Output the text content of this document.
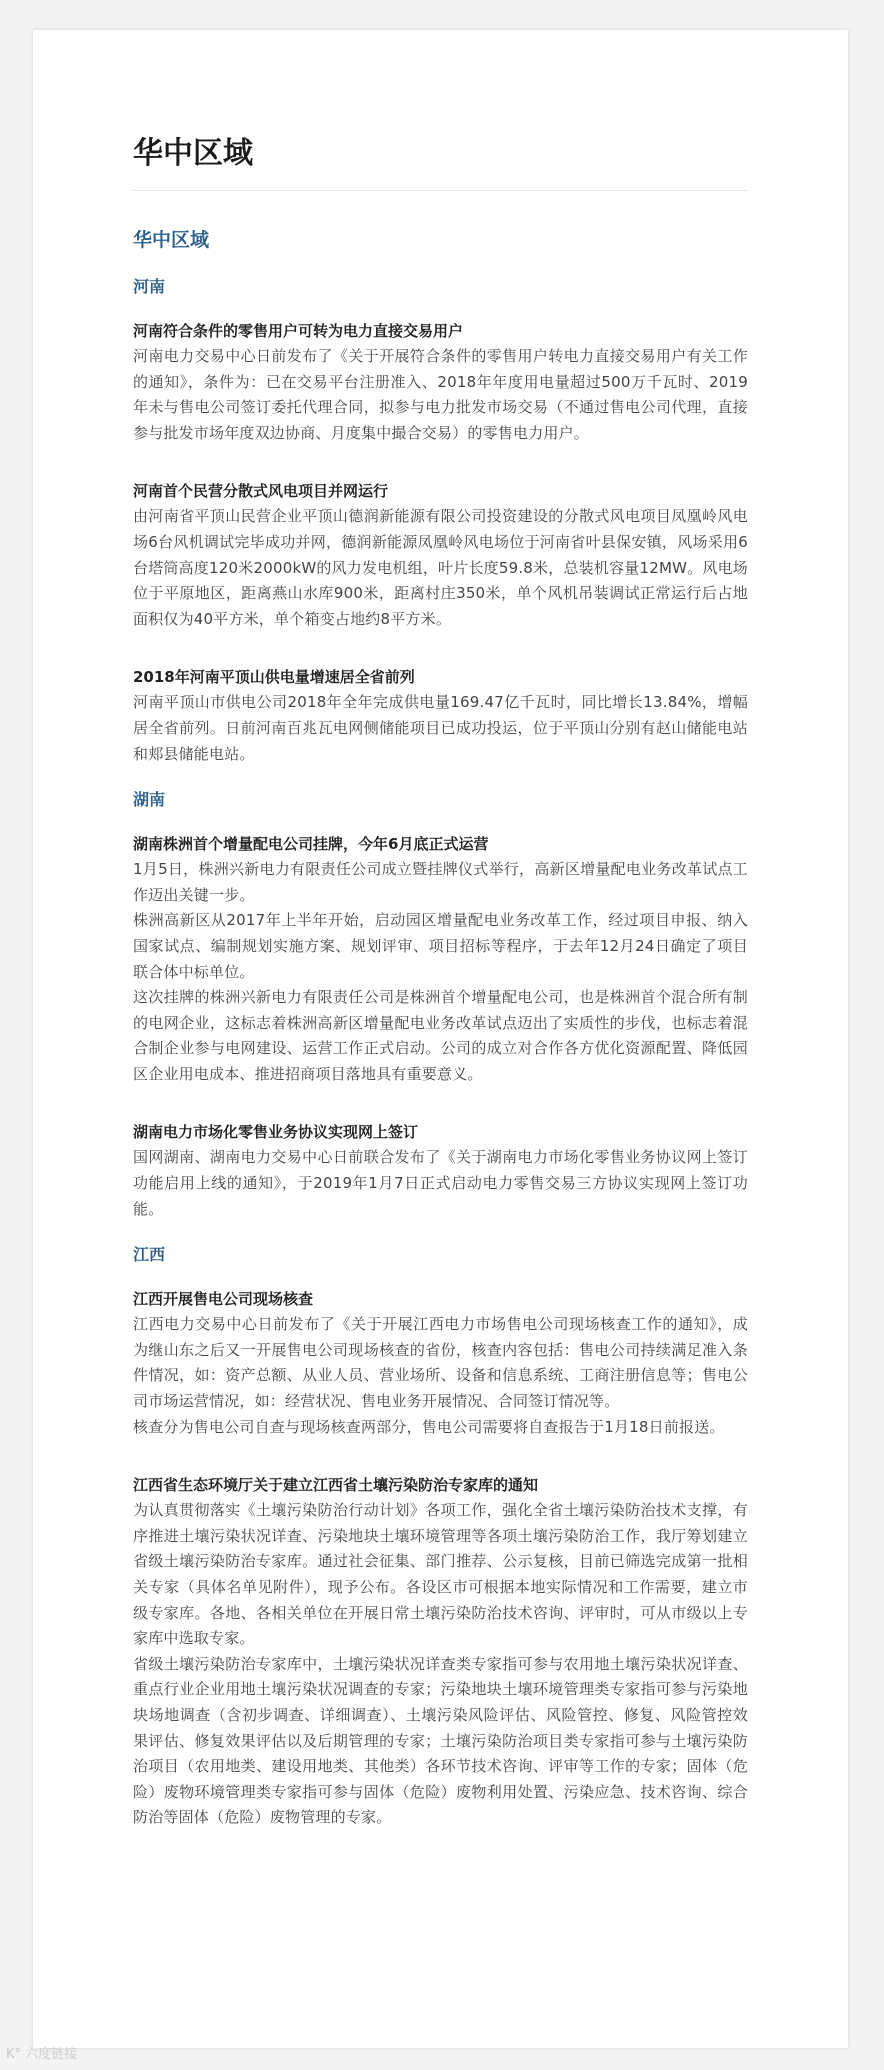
华中区域
华中区域
河南
河南符合条件的零售用户可转为电力直接交易用户

河南电力交易中心日前发布了《关于开展符合条件的零售用户转电力直接交易用户有关工作的通知》，条件为：已在交易平台注册准入、2018年年度用电量超过500万千瓦时、2019年未与售电公司签订委托代理合同，拟参与电力批发市场交易（不通过售电公司代理，直接参与批发市场年度双边协商、月度集中撮合交易）的零售电力用户。

河南首个民营分散式风电项目并网运行

由河南省平顶山民营企业平顶山德润新能源有限公司投资建设的分散式风电项目凤凰岭风电场6台风机调试完毕成功并网，德润新能源凤凰岭风电场位于河南省叶县保安镇，风场采用6台塔筒高度120米2000kW的风力发电机组，叶片长度59.8米，总装机容量12MW。风电场位于平原地区，距离燕山水库900米，距离村庄350米，单个风机吊装调试正常运行后占地面积仅为40平方米，单个箱变占地约8平方米。

2018年河南平顶山供电量增速居全省前列

河南平顶山市供电公司2018年全年完成供电量169.47亿千瓦时，同比增长13.84%，增幅居全省前列。日前河南百兆瓦电网侧储能项目已成功投运，位于平顶山分别有赵山储能电站和郏县储能电站。

湖南
湖南株洲首个增量配电公司挂牌，今年6月底正式运营

1月5日，株洲兴新电力有限责任公司成立暨挂牌仪式举行，高新区增量配电业务改革试点工作迈出关键一步。

株洲高新区从2017年上半年开始，启动园区增量配电业务改革工作，经过项目申报、纳入国家试点、编制规划实施方案、规划评审、项目招标等程序，于去年12月24日确定了项目联合体中标单位。

这次挂牌的株洲兴新电力有限责任公司是株洲首个增量配电公司，也是株洲首个混合所有制的电网企业，这标志着株洲高新区增量配电业务改革试点迈出了实质性的步伐，也标志着混合制企业参与电网建设、运营工作正式启动。公司的成立对合作各方优化资源配置、降低园区企业用电成本、推进招商项目落地具有重要意义。

湖南电力市场化零售业务协议实现网上签订

国网湖南、湖南电力交易中心日前联合发布了《关于湖南电力市场化零售业务协议网上签订功能启用上线的通知》，于2019年1月7日正式启动电力零售交易三方协议实现网上签订功能。

江西
江西开展售电公司现场核查

江西电力交易中心日前发布了《关于开展江西电力市场售电公司现场核查工作的通知》，成为继山东之后又一开展售电公司现场核查的省份，核查内容包括：售电公司持续满足准入条件情况，如：资产总额、从业人员、营业场所、设备和信息系统、工商注册信息等；售电公司市场运营情况，如：经营状况、售电业务开展情况、合同签订情况等。

核查分为售电公司自查与现场核查两部分，售电公司需要将自查报告于1月18日前报送。

江西省生态环境厅关于建立江西省土壤污染防治专家库的通知

为认真贯彻落实《土壤污染防治行动计划》各项工作，强化全省土壤污染防治技术支撑，有序推进土壤污染状况详查、污染地块土壤环境管理等各项土壤污染防治工作，我厅筹划建立省级土壤污染防治专家库。通过社会征集、部门推荐、公示复核，目前已筛选完成第一批相关专家（具体名单见附件），现予公布。各设区市可根据本地实际情况和工作需要，建立市级专家库。各地、各相关单位在开展日常土壤污染防治技术咨询、评审时，可从市级以上专家库中选取专家。

省级土壤污染防治专家库中，土壤污染状况详查类专家指可参与农用地土壤污染状况详查、重点行业企业用地土壤污染状况调查的专家；污染地块土壤环境管理类专家指可参与污染地块场地调查（含初步调查、详细调查）、土壤污染风险评估、风险管控、修复、风险管控效果评估、修复效果评估以及后期管理的专家；土壤污染防治项目类专家指可参与土壤污染防治项目（农用地类、建设用地类、其他类）各环节技术咨询、评审等工作的专家；固体（危险）废物环境管理类专家指可参与固体（危险）废物利用处置、污染应急、技术咨询、综合防治等固体（危险）废物管理的专家。

K° 六度链接
